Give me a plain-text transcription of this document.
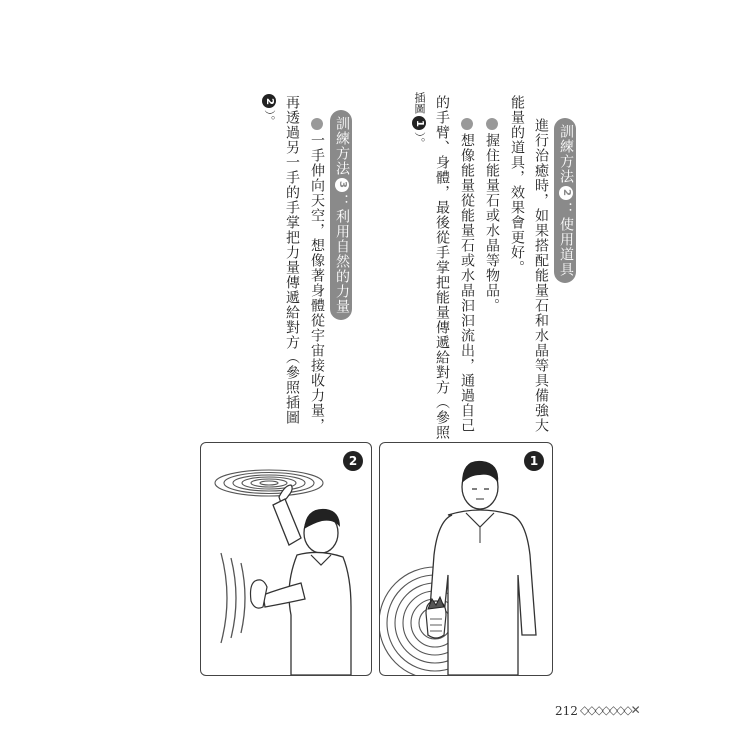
訓練方法2：使用道具
進行治癒時，如果搭配能量石和水晶等具備強大
能量的道具，效果會更好。
握住能量石或水晶等物品。
想像能量從能量石或水晶汩汩流出，通過自己
的手臂、身體，最後從手掌把能量傳遞給對方（參照
插圖1）。
訓練方法3：利用自然的力量
一手伸向天空，想像著身體從宇宙接收力量，
再透過另一手的手掌把力量傳遞給對方（參照插圖
2）。
2	1
212 ◇◇◇◇◇◇◇✕
